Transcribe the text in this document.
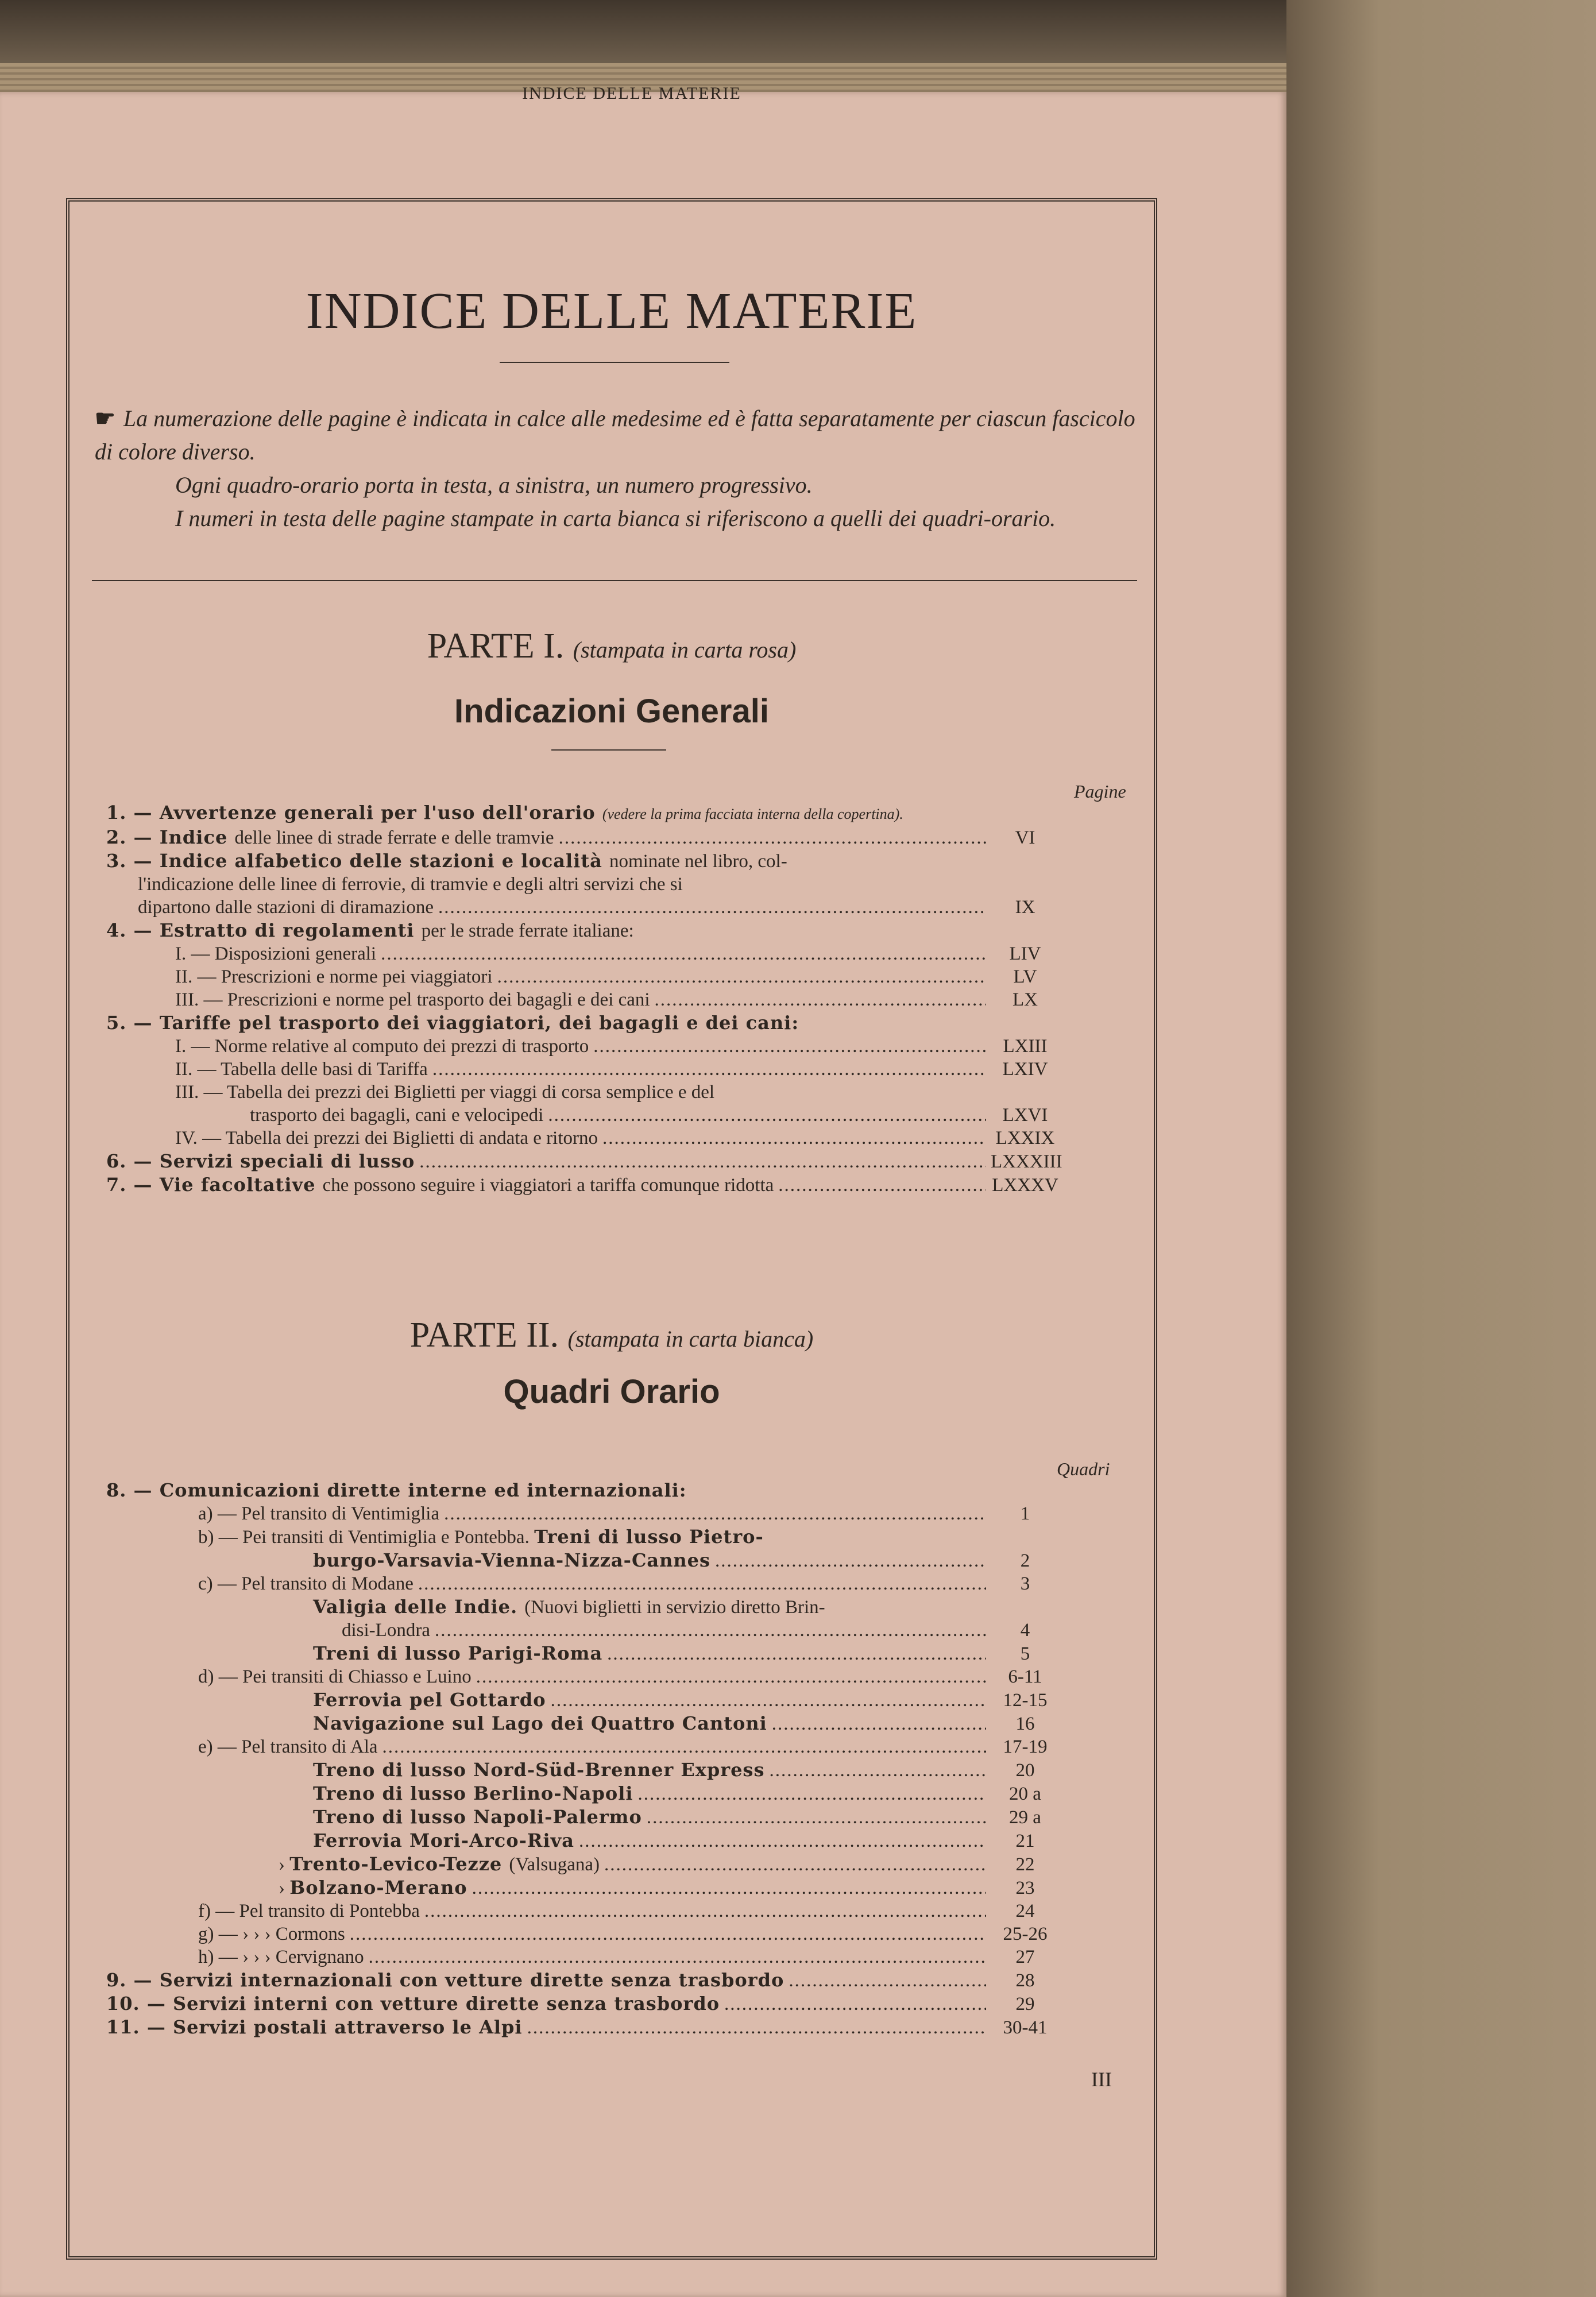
INDICE DELLE MATERIE
INDICE DELLE MATERIE
☛ La numerazione delle pagine è indicata in calce alle medesime ed è fatta separatamente per ciascun fascicolo di colore diverso.
Ogni quadro-orario porta in testa, a sinistra, un numero progressivo.
I numeri in testa delle pagine stampate in carta bianca si riferiscono a quelli dei quadri-orario.
PARTE I. (stampata in carta rosa)
Indicazioni Generali
Pagine
1. — Avvertenze generali per l'uso dell'orario (vedere la prima facciata interna della copertina).
2. — Indice delle linee di strade ferrate e delle tramvie .....	VI
3. — Indice alfabetico delle stazioni e località nominate nel libro, col-
l'indicazione delle linee di ferrovie, di tramvie e degli altri servizi che si
dipartono dalle stazioni di diramazione .....	IX
4. — Estratto di regolamenti per le strade ferrate italiane:
I. — Disposizioni generali .....	LIV
II. — Prescrizioni e norme pei viaggiatori .....	LV
III. — Prescrizioni e norme pel trasporto dei bagagli e dei cani .....	LX
5. — Tariffe pel trasporto dei viaggiatori, dei bagagli e dei cani:
I. — Norme relative al computo dei prezzi di trasporto .....	LXIII
II. — Tabella delle basi di Tariffa .....	LXIV
III. — Tabella dei prezzi dei Biglietti per viaggi di corsa semplice e del
trasporto dei bagagli, cani e velocipedi .....	LXVI
IV. — Tabella dei prezzi dei Biglietti di andata e ritorno .....	LXXIX
6. — Servizi speciali di lusso .....	LXXXIII
7. — Vie facoltative che possono seguire i viaggiatori a tariffa comunque ridotta .....	LXXXV
PARTE II. (stampata in carta bianca)
Quadri Orario
Quadri
8. — Comunicazioni dirette interne ed internazionali:
a) — Pel transito di Ventimiglia .....	1
b) — Pei transiti di Ventimiglia e Pontebba. Treni di lusso Pietro-
burgo-Varsavia-Vienna-Nizza-Cannes .....	2
c) — Pel transito di Modane .....	3
Valigia delle Indie. (Nuovi biglietti in servizio diretto Brin-
disi-Londra .....	4
Treni di lusso Parigi-Roma .....	5
d) — Pei transiti di Chiasso e Luino .....	6-11
Ferrovia pel Gottardo .....	12-15
Navigazione sul Lago dei Quattro Cantoni .....	16
e) — Pel transito di Ala .....	17-19
Treno di lusso Nord-Süd-Brenner Express .....	20
Treno di lusso Berlino-Napoli .....	20 a
Treno di lusso Napoli-Palermo .....	29 a
Ferrovia Mori-Arco-Riva .....	21
› Trento-Levico-Tezze (Valsugana) .....	22
› Bolzano-Merano .....	23
f) — Pel transito di Pontebba .....	24
g) — › › › Cormons .....	25-26
h) — › › › Cervignano .....	27
9. — Servizi internazionali con vetture dirette senza trasbordo .....	28
10. — Servizi interni con vetture dirette senza trasbordo .....	29
11. — Servizi postali attraverso le Alpi .....	30-41
III
